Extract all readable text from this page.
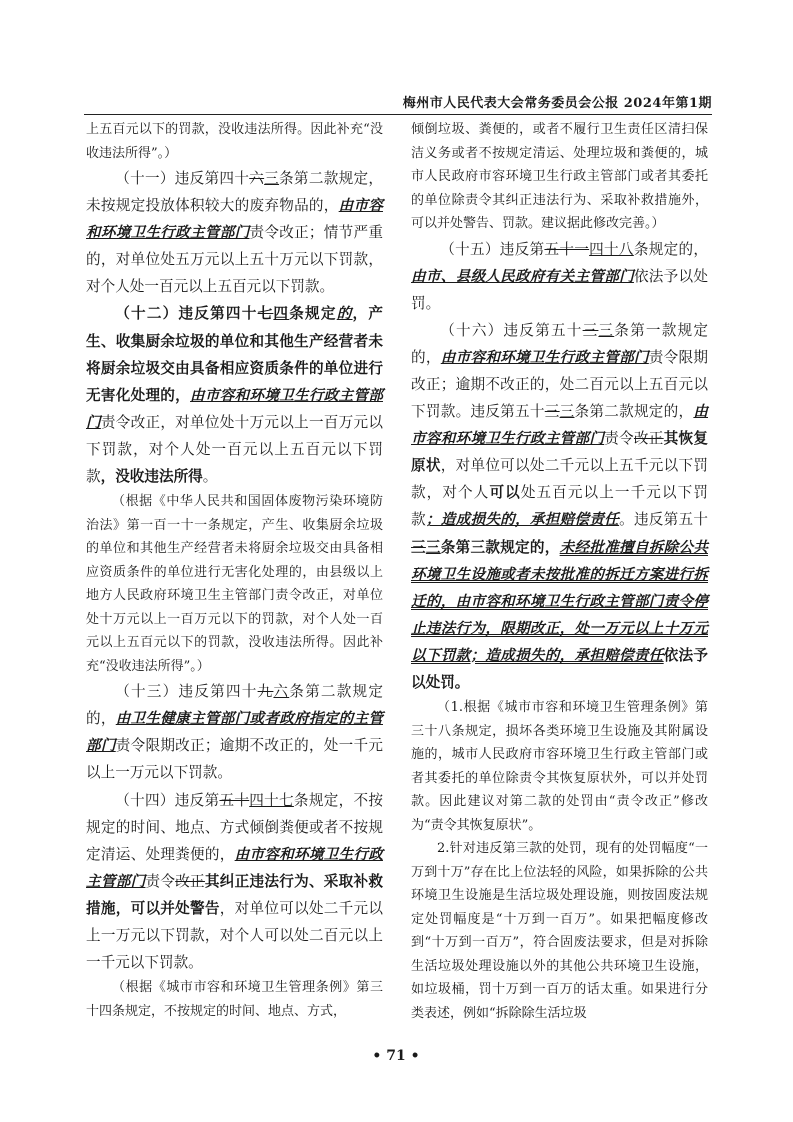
梅州市人民代表大会常务委员会公报 2024年第1期

上五百元以下的罚款，没收违法所得。因此补充“没收违法所得”。）

（十一）违反第四十六三条第二款规定，未按规定投放体积较大的废弃物品的，由市容和环境卫生行政主管部门责令改正；情节严重的，对单位处五万元以上五十万元以下罚款，对个人处一百元以上五百元以下罚款。

（十二）违反第四十七四条规定的，产生、收集厨余垃圾的单位和其他生产经营者未将厨余垃圾交由具备相应资质条件的单位进行无害化处理的，由市容和环境卫生行政主管部门责令改正，对单位处十万元以上一百万元以下罚款，对个人处一百元以上五百元以下罚款，没收违法所得。

（根据《中华人民共和国固体废物污染环境防治法》第一百一十一条规定，产生、收集厨余垃圾的单位和其他生产经营者未将厨余垃圾交由具备相应资质条件的单位进行无害化处理的，由县级以上地方人民政府环境卫生主管部门责令改正，对单位处十万元以上一百万元以下的罚款，对个人处一百元以上五百元以下的罚款，没收违法所得。因此补充“没收违法所得”。）

（十三）违反第四十九六条第二款规定的，由卫生健康主管部门或者政府指定的主管部门责令限期改正；逾期不改正的，处一千元以上一万元以下罚款。

（十四）违反第五十四十七条规定，不按规定的时间、地点、方式倾倒粪便或者不按规定清运、处理粪便的，由市容和环境卫生行政主管部门责令改正其纠正违法行为、采取补救措施，可以并处警告，对单位可以处二千元以上一万元以下罚款，对个人可以处二百元以上一千元以下罚款。

（根据《城市市容和环境卫生管理条例》第三十四条规定，不按规定的时间、地点、方式，

倾倒垃圾、粪便的，或者不履行卫生责任区清扫保洁义务或者不按规定清运、处理垃圾和粪便的，城市人民政府市容环境卫生行政主管部门或者其委托的单位除责令其纠正违法行为、采取补救措施外，可以并处警告、罚款。建议据此修改完善。）

（十五）违反第五十一四十八条规定的，由市、县级人民政府有关主管部门依法予以处罚。

（十六）违反第五十三三条第一款规定的，由市容和环境卫生行政主管部门责令限期改正；逾期不改正的，处二百元以上五百元以下罚款。违反第五十三三条第二款规定的，由市容和环境卫生行政主管部门责令改正其恢复原状，对单位可以处二千元以上五千元以下罚款，对个人可以处五百元以上一千元以下罚款；造成损失的，承担赔偿责任。违反第五十三三条第三款规定的，未经批准擅自拆除公共环境卫生设施或者未按批准的拆迁方案进行拆迁的，由市容和环境卫生行政主管部门责令停止违法行为，限期改正，处一万元以上十万元以下罚款；造成损失的，承担赔偿责任依法予以处罚。

（1.根据《城市市容和环境卫生管理条例》第三十八条规定，损坏各类环境卫生设施及其附属设施的，城市人民政府市容环境卫生行政主管部门或者其委托的单位除责令其恢复原状外，可以并处罚款。因此建议对第二款的处罚由“责令改正”修改为“责令其恢复原状”。

2.针对违反第三款的处罚，现有的处罚幅度“一万到十万”存在比上位法轻的风险，如果拆除的公共环境卫生设施是生活垃圾处理设施，则按固废法规定处罚幅度是“十万到一百万”。如果把幅度修改到“十万到一百万”，符合固废法要求，但是对拆除生活垃圾处理设施以外的其他公共环境卫生设施，如垃圾桶，罚十万到一百万的话太重。如果进行分类表述，例如“拆除除生活垃圾

• 71 •
